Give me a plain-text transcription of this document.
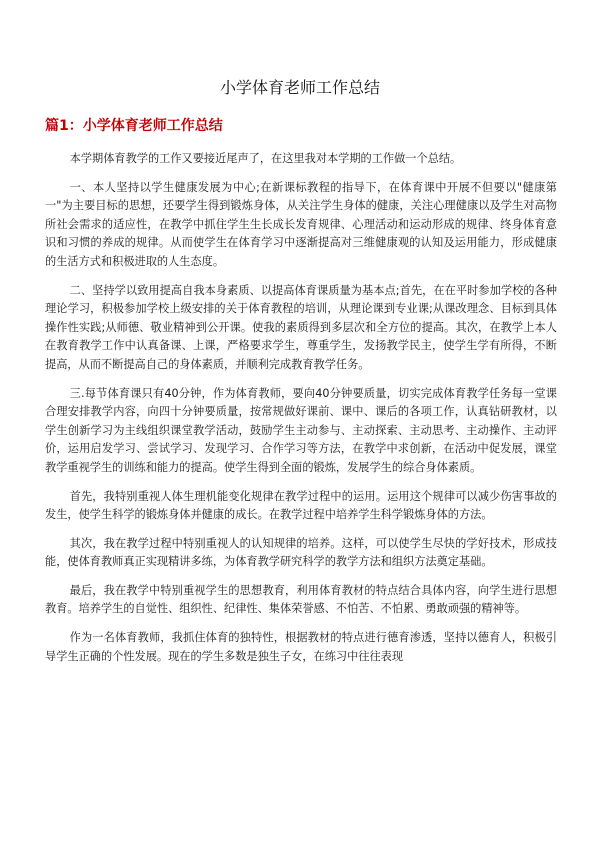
小学体育老师工作总结
篇1：小学体育老师工作总结

本学期体育教学的工作又要接近尾声了，在这里我对本学期的工作做一个总结。

一、本人坚持以学生健康发展为中心;在新课标教程的指导下，在体育课中开展不但要以"健康第一"为主要目标的思想，还要学生得到锻炼身体，从关注学生身体的健康，关注心理健康以及学生对高物所社会需求的适应性，在教学中抓住学生生长成长发育规律、心理活动和运动形成的规律、终身体育意识和习惯的养成的规律。从而使学生在体育学习中逐渐提高对三维健康观的认知及运用能力，形成健康的生活方式和积极进取的人生态度。

二、坚持学以致用提高自我本身素质、以提高体育课质量为基本点;首先，在在平时参加学校的各种理论学习，积极参加学校上级安排的关于体育教程的培训，从理论课到专业课;从课改理念、目标到具体操作性实践;从师德、敬业精神到公开课。使我的素质得到多层次和全方位的提高。其次，在教学上本人在教育教学工作中认真备课、上课，严格要求学生，尊重学生，发扬教学民主，使学生学有所得，不断提高，从而不断提高自己的身体素质，并顺利完成教育教学任务。

三.每节体育课只有40分钟，作为体育教师，要向40分钟要质量，切实完成体育教学任务每一堂课合理安排教学内容，向四十分钟要质量，按常规做好课前、课中、课后的各项工作，认真钻研教材，以学生创新学习为主线组织课堂教学活动，鼓励学生主动参与、主动探索、主动思考、主动操作、主动评价，运用启发学习、尝试学习、发现学习、合作学习等方法，在教学中求创新，在活动中促发展，课堂教学重视学生的训练和能力的提高。使学生得到全面的锻炼，发展学生的综合身体素质。

首先，我特别重视人体生理机能变化规律在教学过程中的运用。运用这个规律可以减少伤害事故的发生，使学生科学的锻炼身体并健康的成长。在教学过程中培养学生科学锻炼身体的方法。

其次，我在教学过程中特别重视人的认知规律的培养。这样，可以使学生尽快的学好技术，形成技能，使体育教师真正实现精讲多练，为体育教学研究科学的教学方法和组织方法奠定基础。

最后，我在教学中特别重视学生的思想教育，利用体育教材的特点结合具体内容，向学生进行思想教育。培养学生的自觉性、组织性、纪律性、集体荣誉感、不怕苦、不怕累、勇敢顽强的精神等。

作为一名体育教师，我抓住体育的独特性，根据教材的特点进行德育渗透，坚持以德育人，积极引导学生正确的个性发展。现在的学生多数是独生子女，在练习中往往表现
